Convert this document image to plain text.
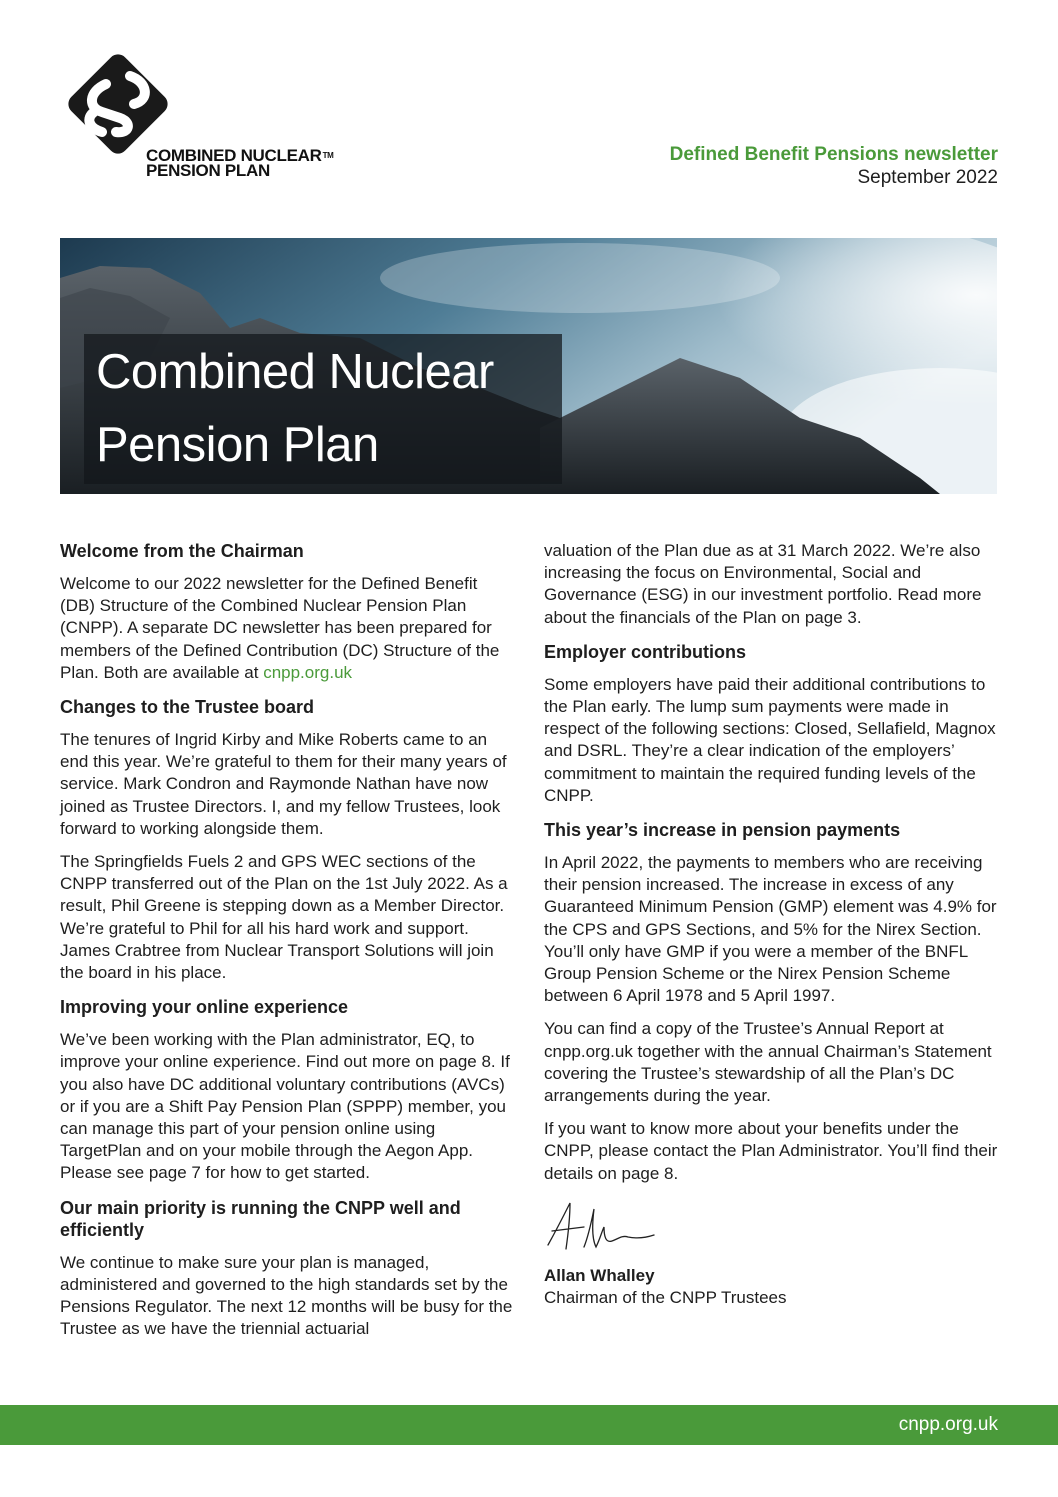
COMBINED NUCLEAR™
PENSION PLAN
Defined Benefit Pensions newsletter
September 2022
Combined Nuclear
Pension Plan
Welcome from the Chairman

Welcome to our 2022 newsletter for the Defined Benefit (DB) Structure of the Combined Nuclear Pension Plan (CNPP). A separate DC newsletter has been prepared for members of the Defined Contribution (DC) Structure of the Plan. Both are available at cnpp.org.uk

Changes to the Trustee board

The tenures of Ingrid Kirby and Mike Roberts came to an end this year. We’re grateful to them for their many years of service. Mark Condron and Raymonde Nathan have now joined as Trustee Directors. I, and my fellow Trustees, look forward to working alongside them.

The Springfields Fuels 2 and GPS WEC sections of the CNPP transferred out of the Plan on the 1st July 2022. As a result, Phil Greene is stepping down as a Member Director. We’re grateful to Phil for all his hard work and support. James Crabtree from Nuclear Transport Solutions will join the board in his place.

Improving your online experience

We’ve been working with the Plan administrator, EQ, to improve your online experience. Find out more on page 8. If you also have DC additional voluntary contributions (AVCs) or if you are a Shift Pay Pension Plan (SPPP) member, you can manage this part of your pension online using TargetPlan and on your mobile through the Aegon App. Please see page 7 for how to get started.

Our main priority is running the CNPP well and efficiently

We continue to make sure your plan is managed, administered and governed to the high standards set by the Pensions Regulator. The next 12 months will be busy for the Trustee as we have the triennial actuarial

valuation of the Plan due as at 31 March 2022. We’re also increasing the focus on Environmental, Social and Governance (ESG) in our investment portfolio. Read more about the financials of the Plan on page 3.

Employer contributions

Some employers have paid their additional contributions to the Plan early. The lump sum payments were made in respect of the following sections: Closed, Sellafield, Magnox and DSRL. They’re a clear indication of the employers’ commitment to maintain the required funding levels of the CNPP.

This year’s increase in pension payments

In April 2022, the payments to members who are receiving their pension increased. The increase in excess of any Guaranteed Minimum Pension (GMP) element was 4.9% for the CPS and GPS Sections, and 5% for the Nirex Section. You’ll only have GMP if you were a member of the BNFL Group Pension Scheme or the Nirex Pension Scheme between 6 April 1978 and 5 April 1997.

You can find a copy of the Trustee’s Annual Report at cnpp.org.uk together with the annual Chairman’s Statement covering the Trustee’s stewardship of all the Plan’s DC arrangements during the year.

If you want to know more about your benefits under the CNPP, please contact the Plan Administrator. You’ll find their details on page 8.

Allan Whalley
Chairman of the CNPP Trustees
cnpp.org.uk
